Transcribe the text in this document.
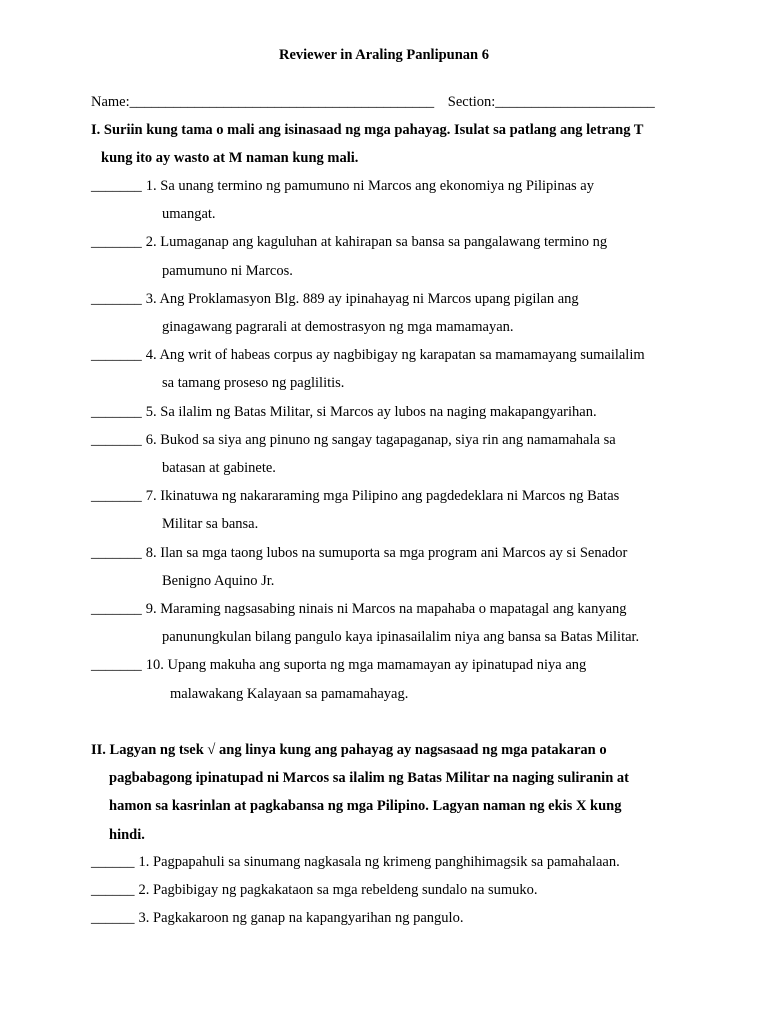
Reviewer in Araling Panlipunan 6
Name:__________________________________________ Section:______________________
I. Suriin kung tama o mali ang isinasaad ng mga pahayag. Isulat sa patlang ang letrang T
kung ito ay wasto at M naman kung mali.
_______ 1. Sa unang termino ng pamumuno ni Marcos ang ekonomiya ng Pilipinas ay
umangat.
_______ 2. Lumaganap ang kaguluhan at kahirapan sa bansa sa pangalawang termino ng
pamumuno ni Marcos.
_______ 3. Ang Proklamasyon Blg. 889 ay ipinahayag ni Marcos upang pigilan ang
ginagawang pagrarali at demostrasyon ng mga mamamayan.
_______ 4. Ang writ of habeas corpus ay nagbibigay ng karapatan sa mamamayang sumailalim
sa tamang proseso ng paglilitis.
_______ 5. Sa ilalim ng Batas Militar, si Marcos ay lubos na naging makapangyarihan.
_______ 6. Bukod sa siya ang pinuno ng sangay tagapaganap, siya rin ang namamahala sa
batasan at gabinete.
_______ 7. Ikinatuwa ng nakararaming mga Pilipino ang pagdedeklara ni Marcos ng Batas
Militar sa bansa.
_______ 8. Ilan sa mga taong lubos na sumuporta sa mga program ani Marcos ay si Senador
Benigno Aquino Jr.
_______ 9. Maraming nagsasabing ninais ni Marcos na mapahaba o mapatagal ang kanyang
panunungkulan bilang pangulo kaya ipinasailalim niya ang bansa sa Batas Militar.
_______ 10. Upang makuha ang suporta ng mga mamamayan ay ipinatupad niya ang
malawakang Kalayaan sa pamamahayag.
II. Lagyan ng tsek √ ang linya kung ang pahayag ay nagsasaad ng mga patakaran o
pagbabagong ipinatupad ni Marcos sa ilalim ng Batas Militar na naging suliranin at
hamon sa kasrinlan at pagkabansa ng mga Pilipino. Lagyan naman ng ekis X kung
hindi.
______ 1. Pagpapahuli sa sinumang nagkasala ng krimeng panghihimagsik sa pamahalaan.
______ 2. Pagbibigay ng pagkakataon sa mga rebeldeng sundalo na sumuko.
______ 3. Pagkakaroon ng ganap na kapangyarihan ng pangulo.
